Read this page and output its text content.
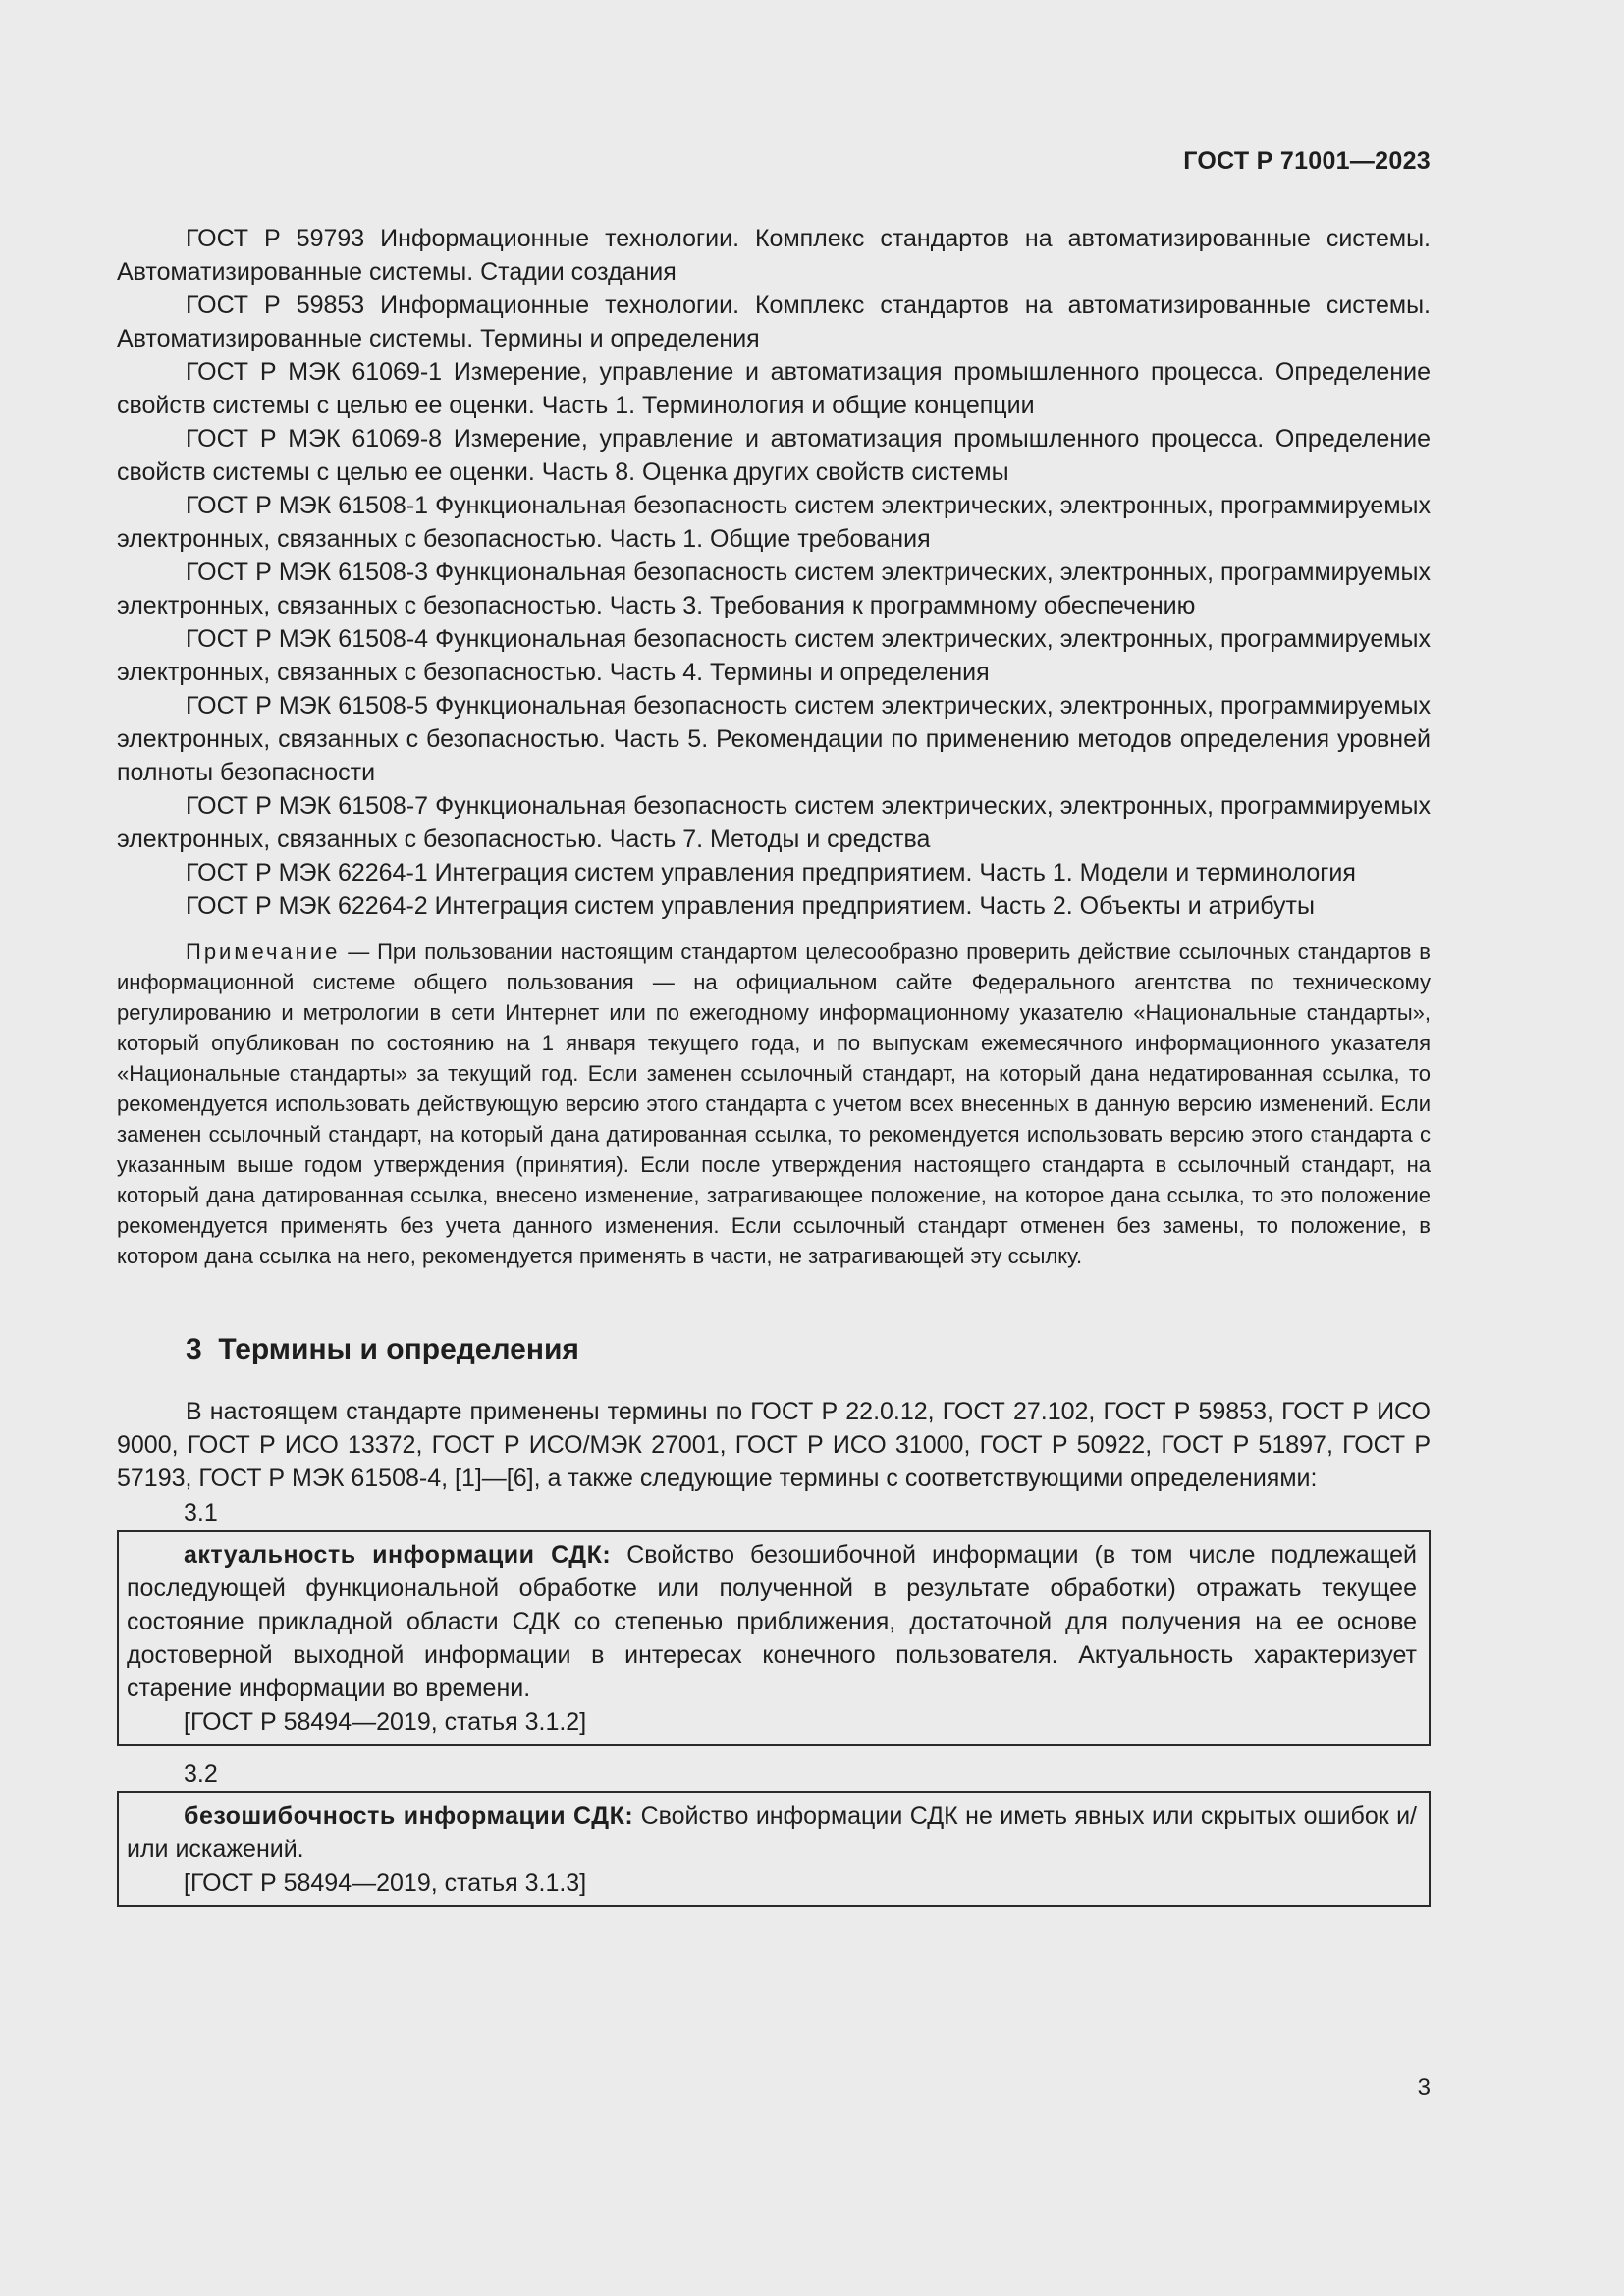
ГОСТ Р 71001—2023

ГОСТ Р 59793 Информационные технологии. Комплекс стандартов на автоматизированные системы. Автоматизированные системы. Стадии создания

ГОСТ Р 59853 Информационные технологии. Комплекс стандартов на автоматизированные системы. Автоматизированные системы. Термины и определения

ГОСТ Р МЭК 61069-1 Измерение, управление и автоматизация промышленного процесса. Определение свойств системы с целью ее оценки. Часть 1. Терминология и общие концепции

ГОСТ Р МЭК 61069-8 Измерение, управление и автоматизация промышленного процесса. Определение свойств системы с целью ее оценки. Часть 8. Оценка других свойств системы

ГОСТ Р МЭК 61508-1 Функциональная безопасность систем электрических, электронных, программируемых электронных, связанных с безопасностью. Часть 1. Общие требования

ГОСТ Р МЭК 61508-3 Функциональная безопасность систем электрических, электронных, программируемых электронных, связанных с безопасностью. Часть 3. Требования к программному обеспечению

ГОСТ Р МЭК 61508-4 Функциональная безопасность систем электрических, электронных, программируемых электронных, связанных с безопасностью. Часть 4. Термины и определения

ГОСТ Р МЭК 61508-5 Функциональная безопасность систем электрических, электронных, программируемых электронных, связанных с безопасностью. Часть 5. Рекомендации по применению методов определения уровней полноты безопасности

ГОСТ Р МЭК 61508-7 Функциональная безопасность систем электрических, электронных, программируемых электронных, связанных с безопасностью. Часть 7. Методы и средства

ГОСТ Р МЭК 62264-1 Интеграция систем управления предприятием. Часть 1. Модели и терминология

ГОСТ Р МЭК 62264-2 Интеграция систем управления предприятием. Часть 2. Объекты и атрибуты

Примечание — При пользовании настоящим стандартом целесообразно проверить действие ссылочных стандартов в информационной системе общего пользования — на официальном сайте Федерального агентства по техническому регулированию и метрологии в сети Интернет или по ежегодному информационному указателю «Национальные стандарты», который опубликован по состоянию на 1 января текущего года, и по выпускам ежемесячного информационного указателя «Национальные стандарты» за текущий год. Если заменен ссылочный стандарт, на который дана недатированная ссылка, то рекомендуется использовать действующую версию этого стандарта с учетом всех внесенных в данную версию изменений. Если заменен ссылочный стандарт, на который дана датированная ссылка, то рекомендуется использовать версию этого стандарта с указанным выше годом утверждения (принятия). Если после утверждения настоящего стандарта в ссылочный стандарт, на который дана датированная ссылка, внесено изменение, затрагивающее положение, на которое дана ссылка, то это положение рекомендуется применять без учета данного изменения. Если ссылочный стандарт отменен без замены, то положение, в котором дана ссылка на него, рекомендуется применять в части, не затрагивающей эту ссылку.

3 Термины и определения

В настоящем стандарте применены термины по ГОСТ Р 22.0.12, ГОСТ 27.102, ГОСТ Р 59853, ГОСТ Р ИСО 9000, ГОСТ Р ИСО 13372, ГОСТ Р ИСО/МЭК 27001, ГОСТ Р ИСО 31000, ГОСТ Р 50922, ГОСТ Р 51897, ГОСТ Р 57193, ГОСТ Р МЭК 61508-4, [1]—[6], а также следующие термины с соответствующими определениями:

3.1

актуальность информации СДК: Свойство безошибочной информации (в том числе подлежащей последующей функциональной обработке или полученной в результате обработки) отражать текущее состояние прикладной области СДК со степенью приближения, достаточной для получения на ее основе достоверной выходной информации в интересах конечного пользователя. Актуальность характеризует старение информации во времени.

[ГОСТ Р 58494—2019, статья 3.1.2]

3.2

безошибочность информации СДК: Свойство информации СДК не иметь явных или скрытых ошибок и/или искажений.

[ГОСТ Р 58494—2019, статья 3.1.3]

3
